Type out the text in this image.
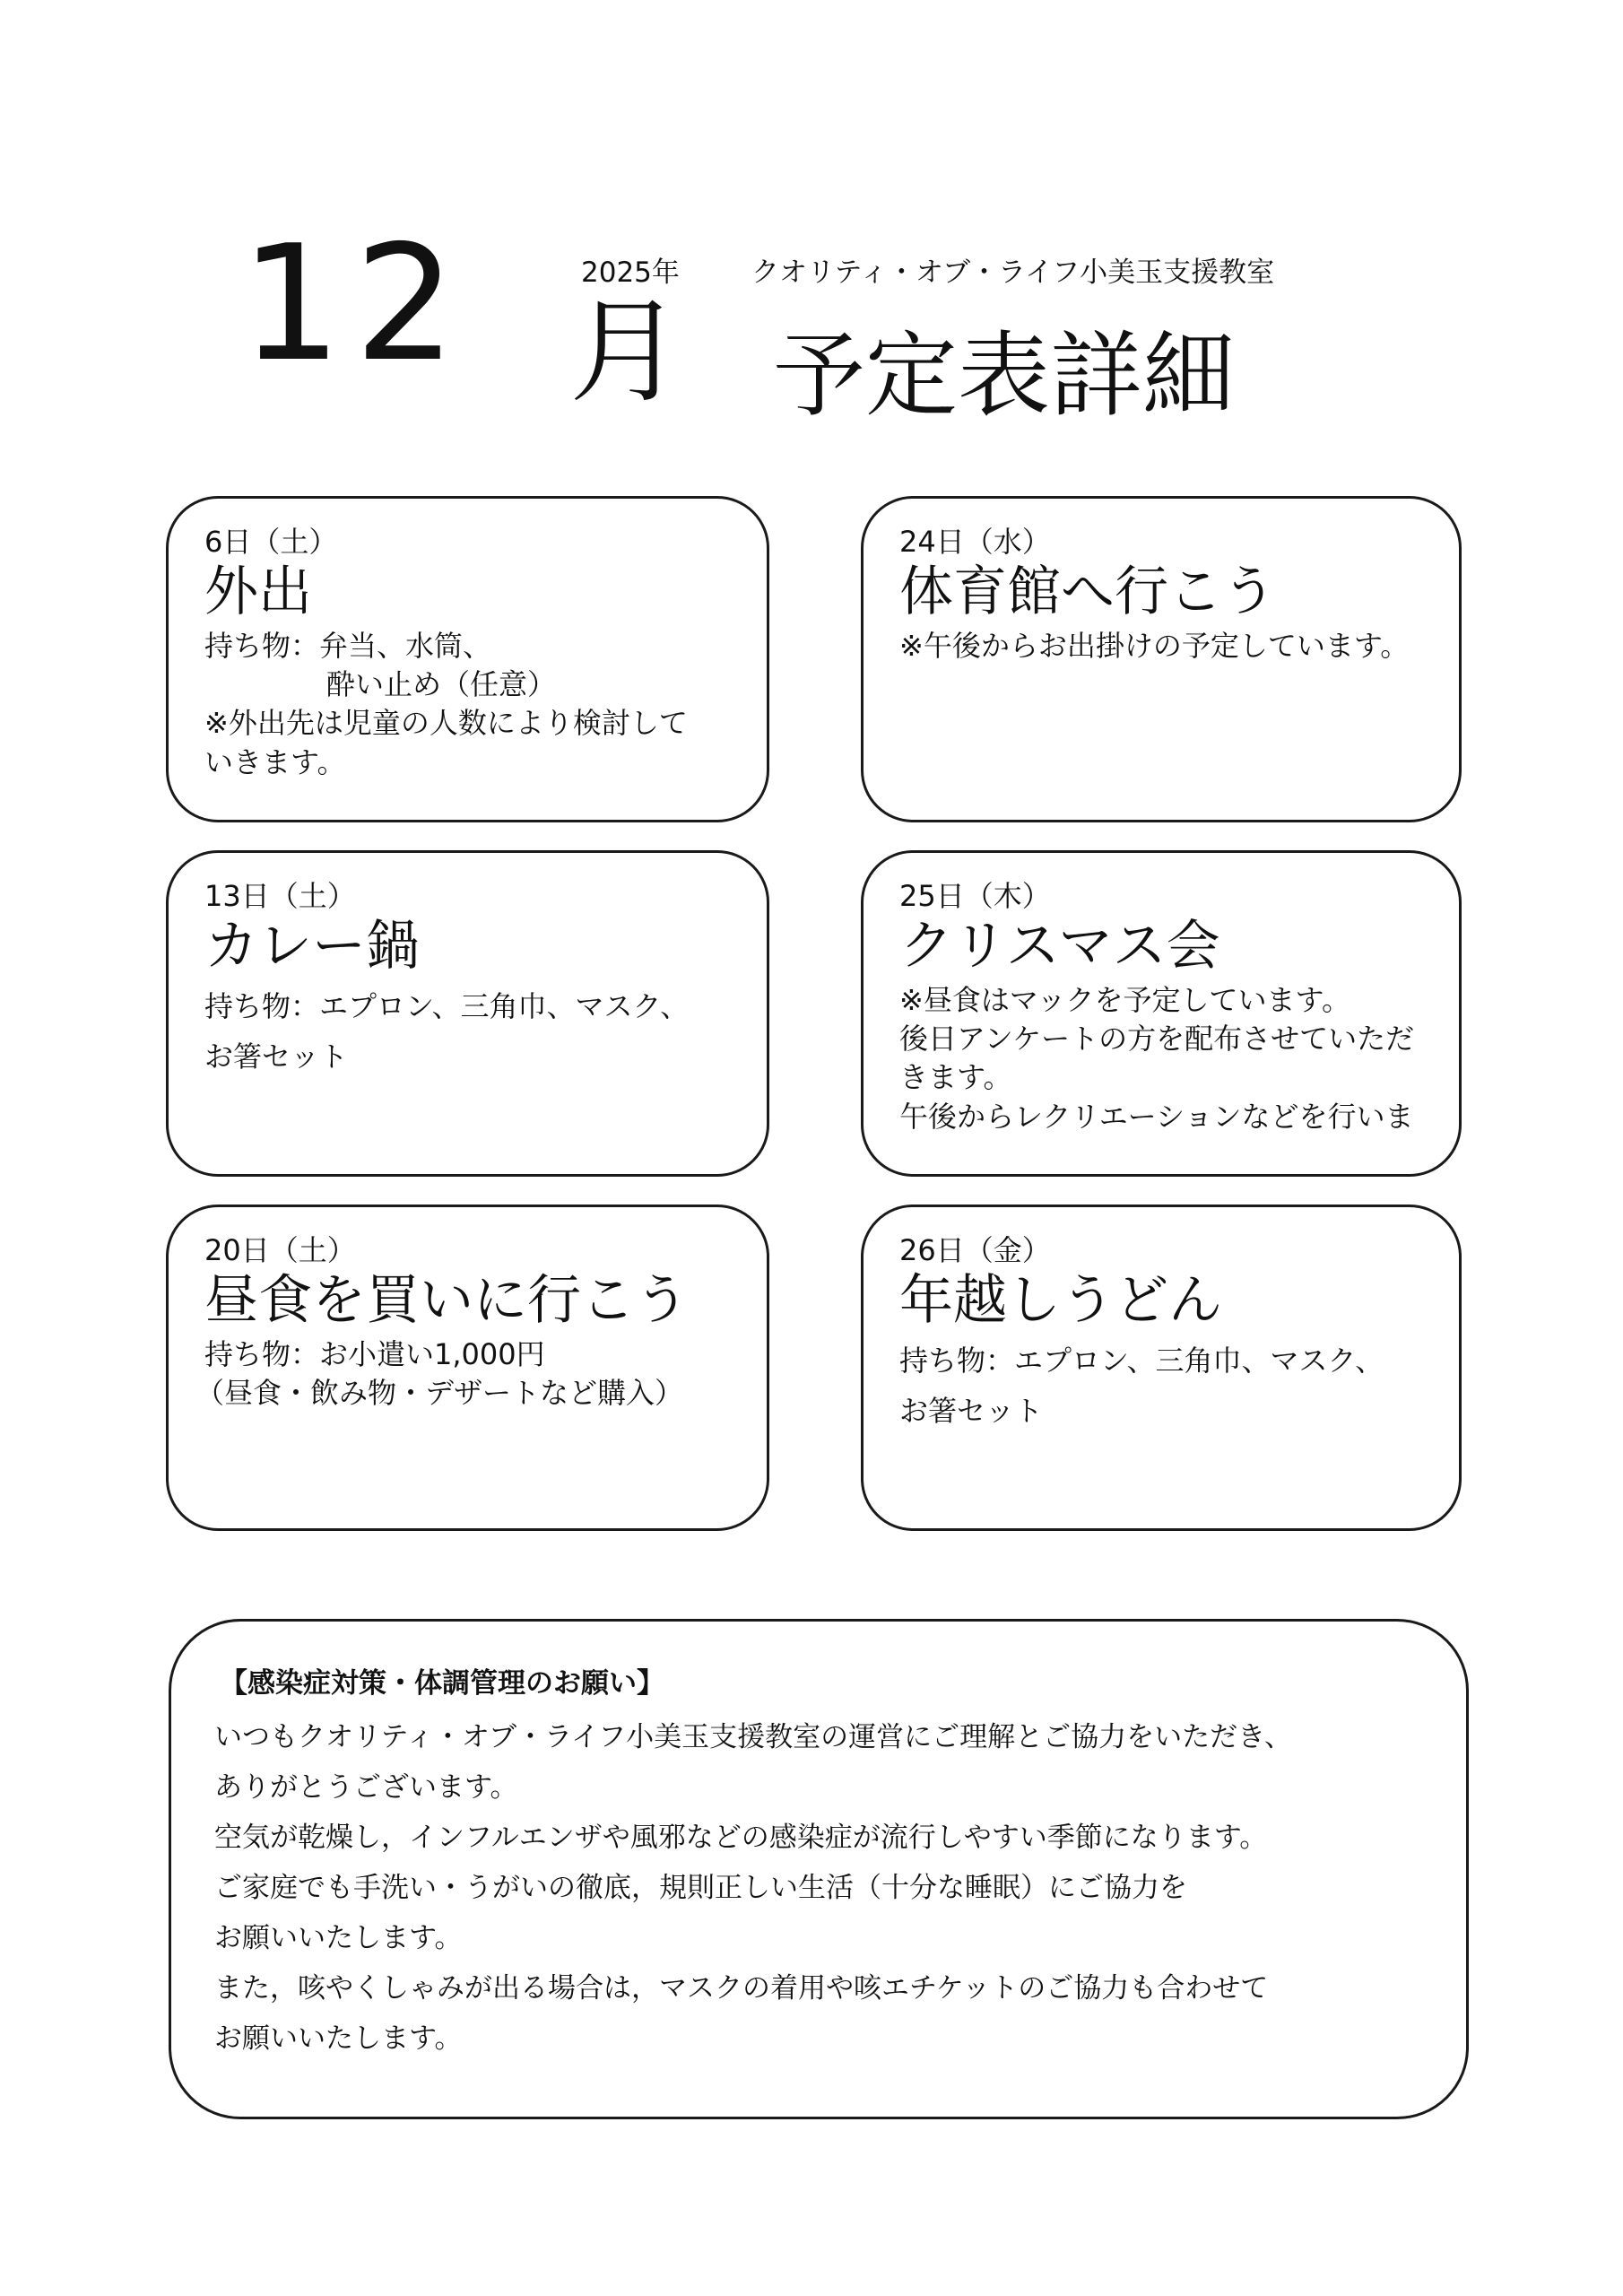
2025年	クオリティ・オブ・ライフ小美玉支援教室
12 月 予定表詳細
6日（土）
外出
持ち物：弁当、水筒、
酔い止め（任意）
※外出先は児童の人数により検討して
いきます。
24日（水）
体育館へ行こう
※午後からお出掛けの予定しています。
13日（土）
カレー鍋
持ち物：エプロン、三角巾、マスク、
お箸セット
25日（木）
クリスマス会
※昼食はマックを予定しています。
後日アンケートの方を配布させていただ
きます。
午後からレクリエーションなどを行いま
20日（土）
昼食を買いに行こう
持ち物：お小遣い1,000円
（昼食・飲み物・デザートなど購入）
26日（金）
年越しうどん
持ち物：エプロン、三角巾、マスク、
お箸セット
【感染症対策・体調管理のお願い】
いつもクオリティ・オブ・ライフ小美玉支援教室の運営にご理解とご協力をいただき、
ありがとうございます。
空気が乾燥し，インフルエンザや風邪などの感染症が流行しやすい季節になります。
ご家庭でも手洗い・うがいの徹底，規則正しい生活（十分な睡眠）にご協力を
お願いいたします。
また，咳やくしゃみが出る場合は，マスクの着用や咳エチケットのご協力も合わせて
お願いいたします。
